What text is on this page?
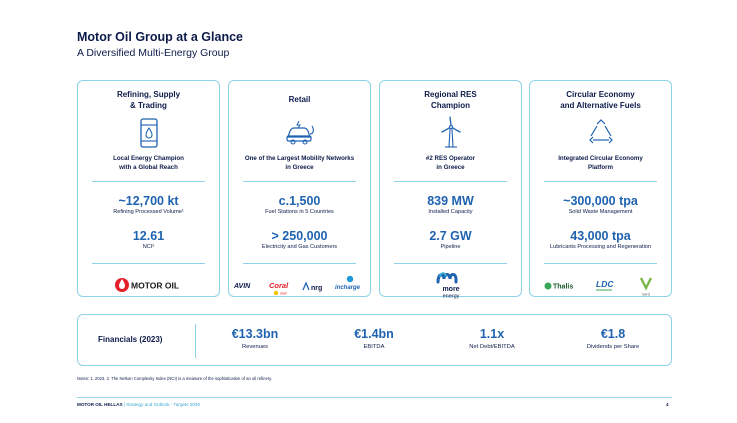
Motor Oil Group at a Glance
A Diversified Multi-Energy Group
Refining, Supply
& Trading
Local Energy Champion
with a Global Reach
~12,700 kt
Refining Processed Volume¹
12.61
NCI²
MOTOR OIL
Retail
One of the Largest Mobility Networks
in Greece
c.1,500
Fuel Stations in 5 Countries
> 250,000
Electricity and Gas Customers
AVIN	Coral
shell
nrg incharge
Regional RES
Champion
#2 RES Operator
in Greece
839 MW
Installed Capacity
2.7 GW
Pipeline
more
energy
Circular Economy
and Alternative Fuels
Integrated Circular Economy
Platform
~300,000 tpa
Solid Waste Management
43,000 tpa
Lubricants Processing and Regeneration
Thalis	LDC
verd
Financials (2023)	€13.3bn
Revenues
€1.4bn
EBITDA
1.1x
Net Debt/EBITDA
€1.8
Dividends per Share
Notes: 1. 2023. 2. The Nelson Complexity Index (NCI) is a measure of the sophistication of an oil refinery.
MOTOR OIL HELLAS | Strategy and Outlook - Targets 2030	4
